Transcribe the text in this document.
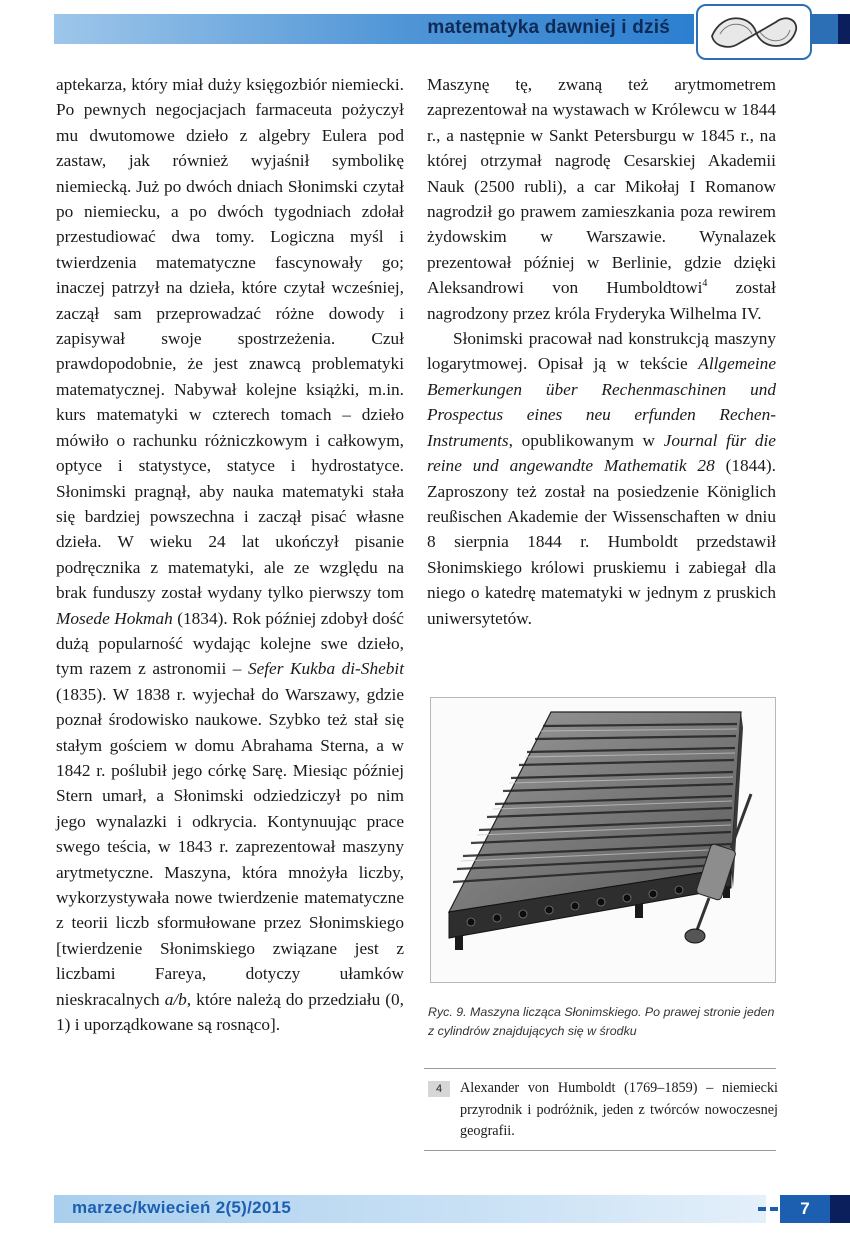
matematyka dawniej i dziś

aptekarza, który miał duży księgozbiór niemiecki. Po pewnych negocjacjach farmaceuta pożyczył mu dwutomowe dzieło z algebry Eulera pod zastaw, jak również wyjaśnił symbolikę niemiecką. Już po dwóch dniach Słonimski czytał po niemiecku, a po dwóch tygodniach zdołał przestudiować dwa tomy. Logiczna myśl i twierdzenia matematyczne fascynowały go; inaczej patrzył na dzieła, które czytał wcześniej, zaczął sam przeprowadzać różne dowody i zapisywał swoje spostrzeżenia. Czuł prawdopodobnie, że jest znawcą problematyki matematycznej. Nabywał kolejne książki, m.in. kurs matematyki w czterech tomach – dzieło mówiło o rachunku różniczkowym i całkowym, optyce i statystyce, statyce i hydrostatyce. Słonimski pragnął, aby nauka matematyki stała się bardziej powszechna i zaczął pisać własne dzieła. W wieku 24 lat ukończył pisanie podręcznika z matematyki, ale ze względu na brak funduszy został wydany tylko pierwszy tom Mosede Hokmah (1834). Rok później zdobył dość dużą popularność wydając kolejne swe dzieło, tym razem z astronomii – Sefer Kukba di-Shebit (1835). W 1838 r. wyjechał do Warszawy, gdzie poznał środowisko naukowe. Szybko też stał się stałym gościem w domu Abrahama Sterna, a w 1842 r. poślubił jego córkę Sarę. Miesiąc później Stern umarł, a Słonimski odziedziczył po nim jego wynalazki i odkrycia. Kontynuując prace swego teścia, w 1843 r. zaprezentował maszyny arytmetyczne. Maszyna, która mnożyła liczby, wykorzystywała nowe twierdzenie matematyczne z teorii liczb sformułowane przez Słonimskiego [twierdzenie Słonimskiego związane jest z liczbami Fareya, dotyczy ułamków nieskracalnych a/b, które należą do przedziału (0, 1) i uporządkowane są rosnąco].

Maszynę tę, zwaną też arytmometrem zaprezentował na wystawach w Królewcu w 1844 r., a następnie w Sankt Petersburgu w 1845 r., na której otrzymał nagrodę Cesarskiej Akademii Nauk (2500 rubli), a car Mikołaj I Romanow nagrodził go prawem zamieszkania poza rewirem żydowskim w Warszawie. Wynalazek prezentował później w Berlinie, gdzie dzięki Aleksandrowi von Humboldtowi$^4$ został nagrodzony przez króla Fryderyka Wilhelma IV.

Słonimski pracował nad konstrukcją maszyny logarytmowej. Opisał ją w tekście Allgemeine Bemerkungen über Rechenmaschinen und Prospectus eines neu erfunden Rechen-Instruments, opublikowanym w Journal für die reine und angewandte Mathematik 28 (1844). Zaproszony też został na posiedzenie Königlich reußischen Akademie der Wissenschaften w dniu 8 sierpnia 1844 r. Humboldt przedstawił Słonimskiego królowi pruskiemu i zabiegał dla niego o katedrę matematyki w jednym z pruskich uniwersytetów.

Ryc. 9. Maszyna licząca Słonimskiego. Po prawej stronie jeden z cylindrów znajdujących się w środku
4	Alexander von Humboldt (1769–1859) – niemiecki przyrodnik i podróżnik, jeden z twórców nowoczesnej geografii.
marzec/kwiecień 2(5)/2015	7
